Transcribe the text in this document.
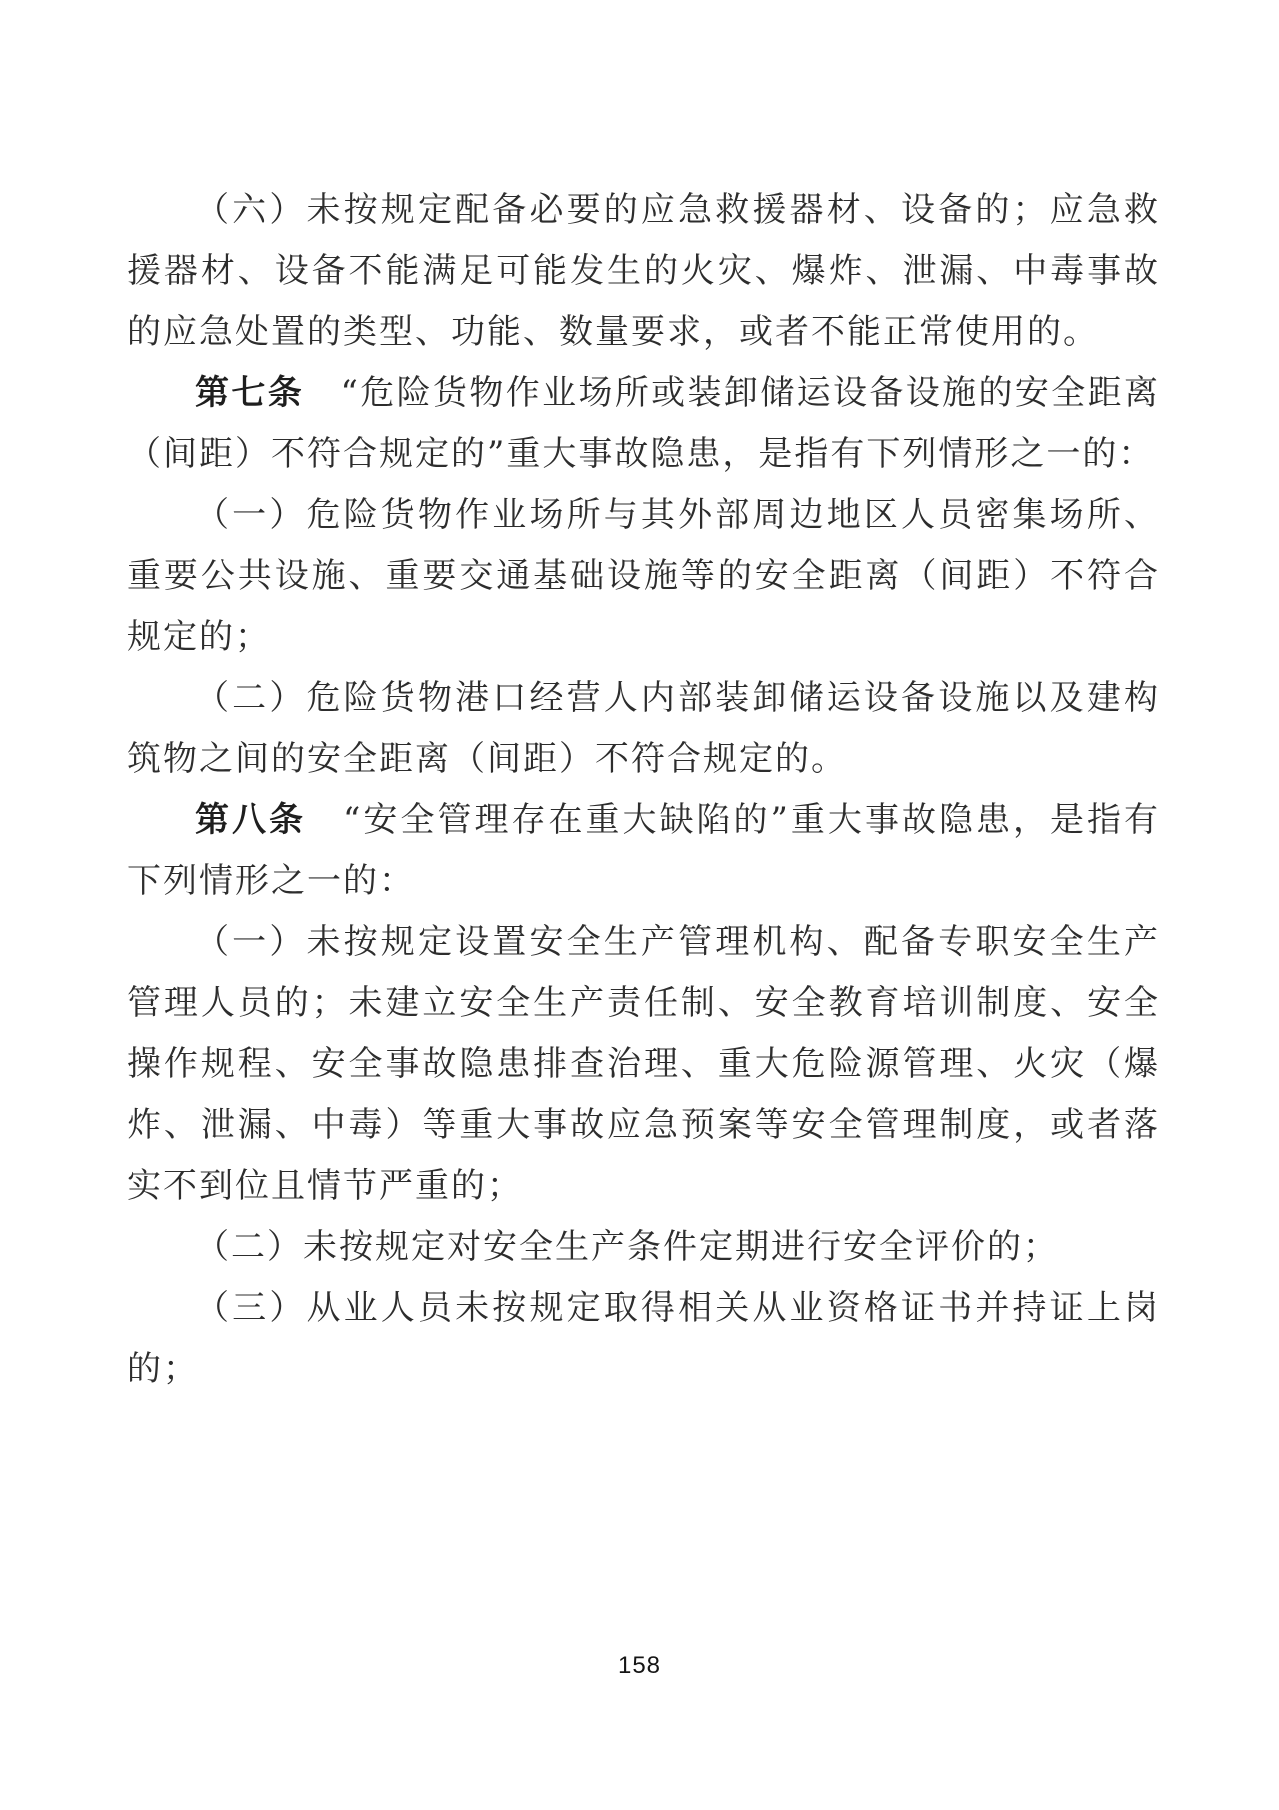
（六）未按规定配备必要的应急救援器材、设备的；应急救援器材、设备不能满足可能发生的火灾、爆炸、泄漏、中毒事故的应急处置的类型、功能、数量要求，或者不能正常使用的。

第七条　“危险货物作业场所或装卸储运设备设施的安全距离（间距）不符合规定的”重大事故隐患，是指有下列情形之一的：

（一）危险货物作业场所与其外部周边地区人员密集场所、重要公共设施、重要交通基础设施等的安全距离（间距）不符合规定的；

（二）危险货物港口经营人内部装卸储运设备设施以及建构筑物之间的安全距离（间距）不符合规定的。

第八条　“安全管理存在重大缺陷的”重大事故隐患，是指有下列情形之一的：

（一）未按规定设置安全生产管理机构、配备专职安全生产管理人员的；未建立安全生产责任制、安全教育培训制度、安全操作规程、安全事故隐患排查治理、重大危险源管理、火灾（爆炸、泄漏、中毒）等重大事故应急预案等安全管理制度，或者落实不到位且情节严重的；

（二）未按规定对安全生产条件定期进行安全评价的；

（三）从业人员未按规定取得相关从业资格证书并持证上岗的；

158
